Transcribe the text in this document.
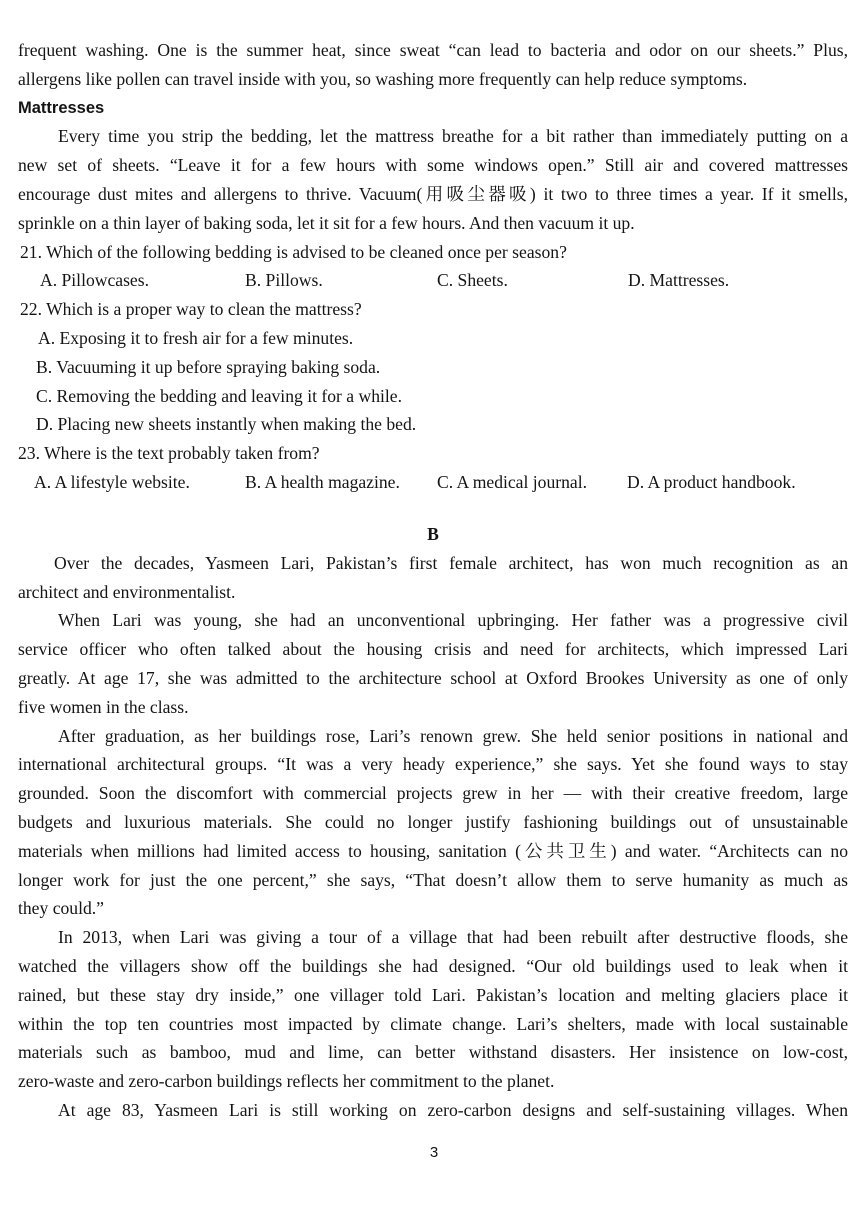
frequent washing. One is the summer heat, since sweat “can lead to bacteria and odor on our sheets.” Plus,
allergens like pollen can travel inside with you, so washing more frequently can help reduce symptoms.
Mattresses
Every time you strip the bedding, let the mattress breathe for a bit rather than immediately putting on a
new set of sheets. “Leave it for a few hours with some windows open.” Still air and covered mattresses
encourage dust mites and allergens to thrive. Vacuum(用吸尘器吸) it two to three times a year. If it smells,
sprinkle on a thin layer of baking soda, let it sit for a few hours. And then vacuum it up.
21. Which of the following bedding is advised to be cleaned once per season?
A. Pillowcases.	B. Pillows.	C. Sheets.	D. Mattresses.
22. Which is a proper way to clean the mattress?
A. Exposing it to fresh air for a few minutes.
B. Vacuuming it up before spraying baking soda.
C. Removing the bedding and leaving it for a while.
D. Placing new sheets instantly when making the bed.
23. Where is the text probably taken from?
A. A lifestyle website.	B. A health magazine. C. A medical journal. D. A product handbook.
B
Over the decades, Yasmeen Lari, Pakistan’s first female architect, has won much recognition as an
architect and environmentalist.
When Lari was young, she had an unconventional upbringing. Her father was a progressive civil
service officer who often talked about the housing crisis and need for architects, which impressed Lari
greatly. At age 17, she was admitted to the architecture school at Oxford Brookes University as one of only
five women in the class.
After graduation, as her buildings rose, Lari’s renown grew. She held senior positions in national and
international architectural groups. “It was a very heady experience,” she says. Yet she found ways to stay
grounded. Soon the discomfort with commercial projects grew in her — with their creative freedom, large
budgets and luxurious materials. She could no longer justify fashioning buildings out of unsustainable
materials when millions had limited access to housing, sanitation (公共卫生) and water. “Architects can no
longer work for just the one percent,” she says, “That doesn’t allow them to serve humanity as much as
they could.”
In 2013, when Lari was giving a tour of a village that had been rebuilt after destructive floods, she
watched the villagers show off the buildings she had designed. “Our old buildings used to leak when it
rained, but these stay dry inside,” one villager told Lari. Pakistan’s location and melting glaciers place it
within the top ten countries most impacted by climate change. Lari’s shelters, made with local sustainable
materials such as bamboo, mud and lime, can better withstand disasters. Her insistence on low-cost,
zero-waste and zero-carbon buildings reflects her commitment to the planet.
At age 83, Yasmeen Lari is still working on zero-carbon designs and self-sustaining villages. When
3
